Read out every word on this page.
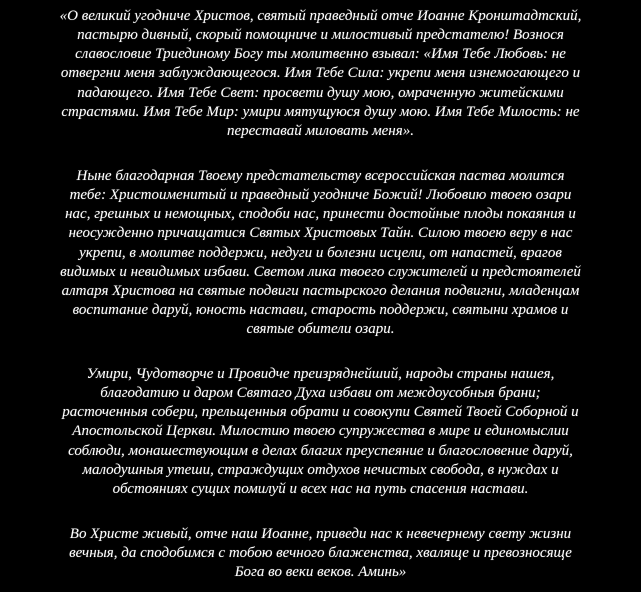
«О великий угодниче Христов, святый праведный отче Иоанне Кронштадтский,
пастырю дивный, скорый помощниче и милостивый предстателю! Вознося
славословие Триединому Богу ты молитвенно взывал: «Имя Тебе Любовь: не
отвергни меня заблуждающегося. Имя Тебе Сила: укрепи меня изнемогающего и
падающего. Имя Тебе Свет: просвети душу мою, омраченную житейскими
страстями. Имя Тебе Мир: умири мятущуюся душу мою. Имя Тебе Милость: не
переставай миловать меня».
Ныне благодарная Твоему предстательству всероссийская паства молится
тебе: Христоименитый и праведный угодниче Божий! Любовию твоею озари
нас, грешных и немощных, сподоби нас, принести достойные плоды покаяния и
неосужденно причащатися Святых Христовых Тайн. Силою твоею веру в нас
укрепи, в молитве поддержи, недуги и болезни исцели, от напастей, врагов
видимых и невидимых избави. Светом лика твоего служителей и предстоятелей
алтаря Христова на святые подвиги пастырского делания подвигни, младенцам
воспитание даруй, юность настави, старость поддержи, святыни храмов и
святые обители озари.
Умири, Чудотворче и Провидче преизряднейший, народы страны нашея,
благодатию и даром Святаго Духа избави от междоусобныя брани;
расточенныя собери, прельщенныя обрати и совокупи Святей Твоей Соборной и
Апостольской Церкви. Милостию твоею супружества в мире и единомыслии
соблюди, монашествующим в делах благих преуспеяние и благословение даруй,
малодушныя утеши, страждущих отдухов нечистых свобода, в нуждах и
обстояниях сущих помилуй и всех нас на путь спасения настави.
Во Христе живый, отче наш Иоанне, приведи нас к невечернему свету жизни
вечныя, да сподобимся с тобою вечного блаженства, хваляще и превозносяще
Бога во веки веков. Аминь»
